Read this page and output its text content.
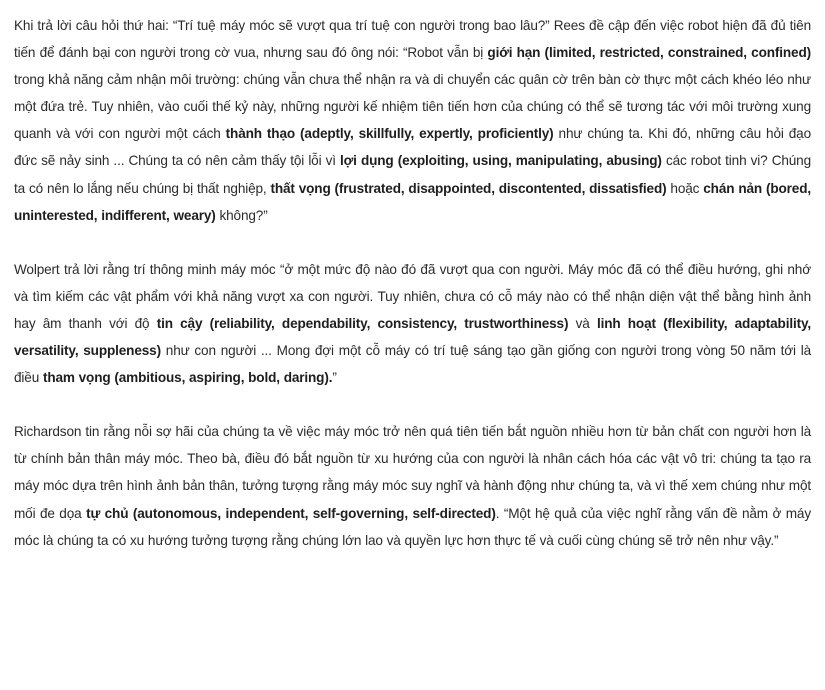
Khi trả lời câu hỏi thứ hai: “Trí tuệ máy móc sẽ vượt qua trí tuệ con người trong bao lâu?” Rees đề cập đến việc robot hiện đã đủ tiên tiến để đánh bại con người trong cờ vua, nhưng sau đó ông nói: “Robot vẫn bị giới hạn (limited, restricted, constrained, confined) trong khả năng cảm nhận môi trường: chúng vẫn chưa thể nhận ra và di chuyển các quân cờ trên bàn cờ thực một cách khéo léo như một đứa trẻ. Tuy nhiên, vào cuối thế kỷ này, những người kế nhiệm tiên tiến hơn của chúng có thể sẽ tương tác với môi trường xung quanh và với con người một cách thành thạo (adeptly, skillfully, expertly, proficiently) như chúng ta. Khi đó, những câu hỏi đạo đức sẽ nảy sinh ... Chúng ta có nên cảm thấy tội lỗi vì lợi dụng (exploiting, using, manipulating, abusing) các robot tinh vi? Chúng ta có nên lo lắng nếu chúng bị thất nghiệp, thất vọng (frustrated, disappointed, discontented, dissatisfied) hoặc chán nản (bored, uninterested, indifferent, weary) không?”

Wolpert trả lời rằng trí thông minh máy móc “ở một mức độ nào đó đã vượt qua con người. Máy móc đã có thể điều hướng, ghi nhớ và tìm kiếm các vật phẩm với khả năng vượt xa con người. Tuy nhiên, chưa có cỗ máy nào có thể nhận diện vật thể bằng hình ảnh hay âm thanh với độ tin cậy (reliability, dependability, consistency, trustworthiness) và linh hoạt (flexibility, adaptability, versatility, suppleness) như con người ... Mong đợi một cỗ máy có trí tuệ sáng tạo gần giống con người trong vòng 50 năm tới là điều tham vọng (ambitious, aspiring, bold, daring).”

Richardson tin rằng nỗi sợ hãi của chúng ta về việc máy móc trở nên quá tiên tiến bắt nguồn nhiều hơn từ bản chất con người hơn là từ chính bản thân máy móc. Theo bà, điều đó bắt nguồn từ xu hướng của con người là nhân cách hóa các vật vô tri: chúng ta tạo ra máy móc dựa trên hình ảnh bản thân, tưởng tượng rằng máy móc suy nghĩ và hành động như chúng ta, và vì thế xem chúng như một mối đe dọa tự chủ (autonomous, independent, self-governing, self-directed). “Một hệ quả của việc nghĩ rằng vấn đề nằm ở máy móc là chúng ta có xu hướng tưởng tượng rằng chúng lớn lao và quyền lực hơn thực tế và cuối cùng chúng sẽ trở nên như vậy.”
